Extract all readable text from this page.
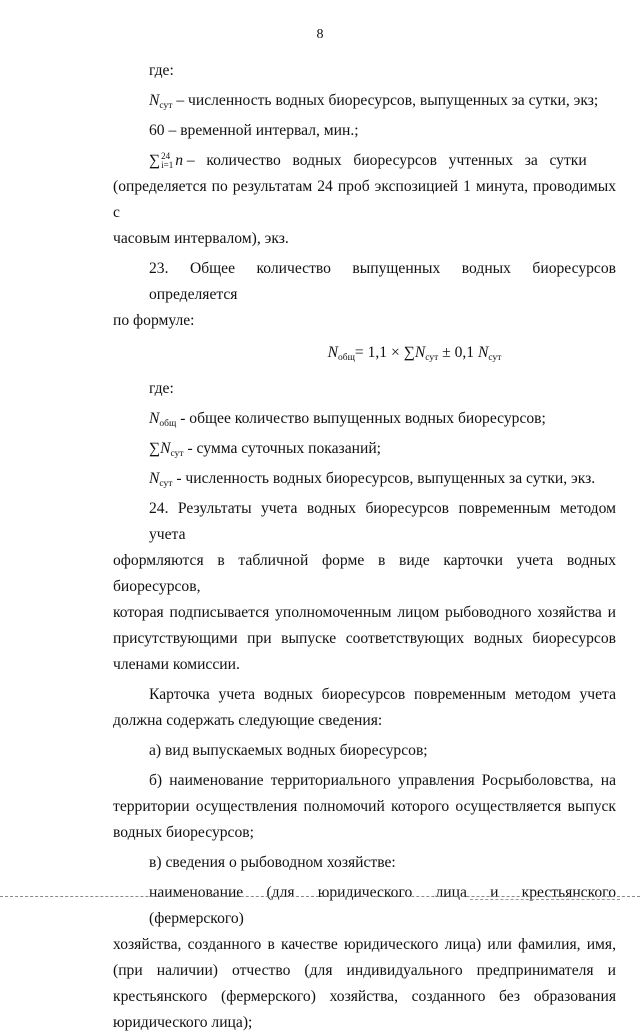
8
где:
$N_{сут}$ – численность водных биоресурсов, выпущенных за сутки, экз;
60 – временной интервал, мин.;
∑24
i=1 n –   количество   водных   биоресурсов   учтенных   за   сутки
(определяется по результатам 24 проб экспозицией 1 минута, проводимых с
часовым интервалом), экз.
23. Общее количество выпущенных водных биоресурсов определяется
по формуле:
$N_{общ}= 1,1 \times \sum N_{сут} \pm 0,1$ $N_{сут}$
где:
$N_{общ}$ - общее количество выпущенных водных биоресурсов;
$\sum N_{сут}$ - сумма суточных показаний;
$N_{сут}$ - численность водных биоресурсов, выпущенных за сутки, экз.
24. Результаты учета водных биоресурсов повременным методом учета
оформляются в табличной форме в виде карточки учета водных биоресурсов,
которая подписывается уполномоченным лицом рыбоводного хозяйства и
присутствующими при выпуске соответствующих водных биоресурсов
членами комиссии.
Карточка учета водных биоресурсов повременным методом учета
должна содержать следующие сведения:
а) вид выпускаемых водных биоресурсов;
б) наименование территориального управления Росрыболовства, на
территории осуществления полномочий которого осуществляется выпуск
водных биоресурсов;
в) сведения о рыбоводном хозяйстве:
наименование (для юридического лица и крестьянского (фермерского)
хозяйства, созданного в качестве юридического лица) или фамилия, имя,
(при наличии) отчество (для индивидуального предпринимателя и
крестьянского (фермерского) хозяйства, созданного без образования
юридического лица);
